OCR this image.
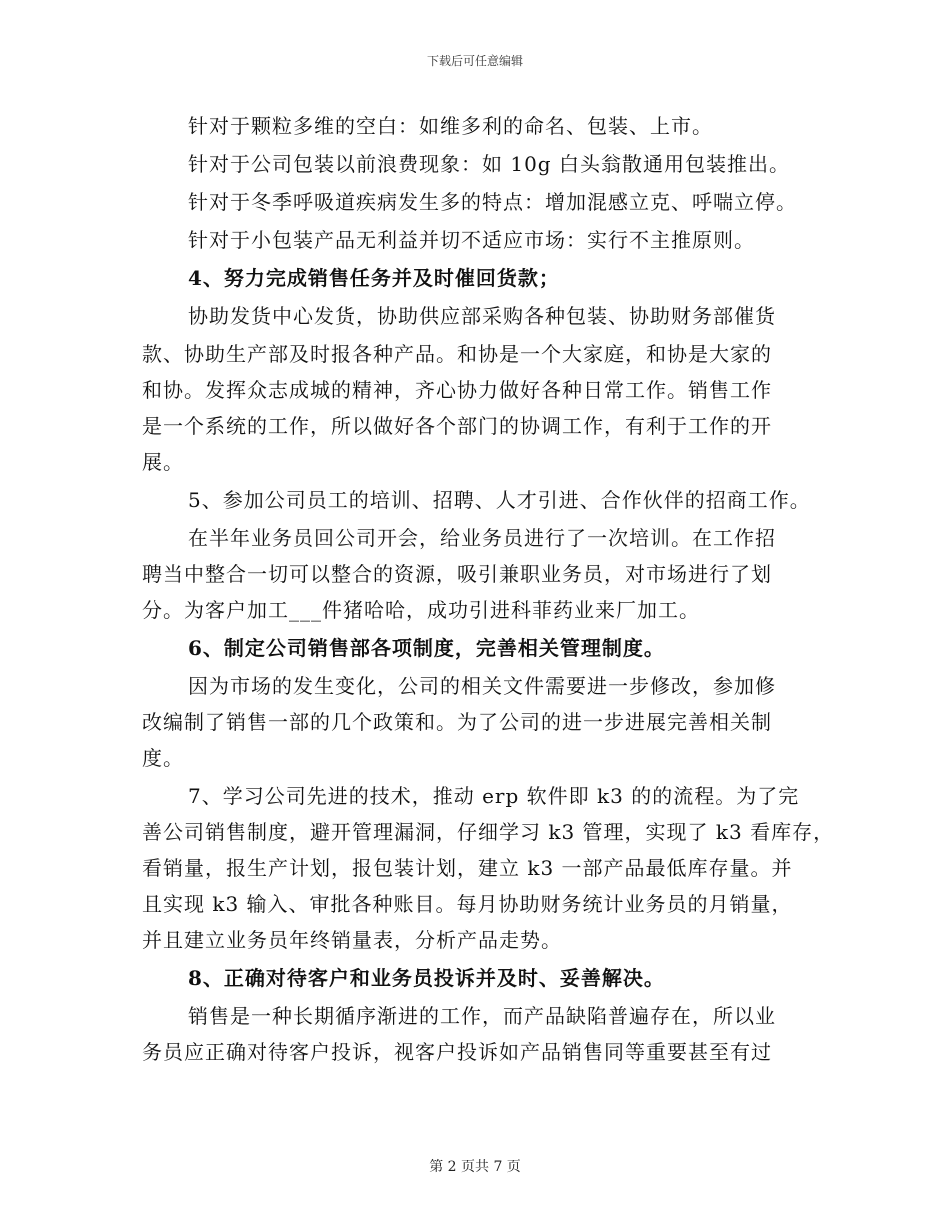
下载后可任意编辑
针对于颗粒多维的空白：如维多利的命名、包装、上市。
针对于公司包装以前浪费现象：如 10g 白头翁散通用包装推出。
针对于冬季呼吸道疾病发生多的特点：增加混感立克、呼喘立停。
针对于小包装产品无利益并切不适应市场：实行不主推原则。
4、努力完成销售任务并及时催回货款；
协助发货中心发货，协助供应部采购各种包装、协助财务部催货
款、协助生产部及时报各种产品。和协是一个大家庭，和协是大家的
和协。发挥众志成城的精神，齐心协力做好各种日常工作。销售工作
是一个系统的工作，所以做好各个部门的协调工作，有利于工作的开
展。
5、参加公司员工的培训、招聘、人才引进、合作伙伴的招商工作。
在半年业务员回公司开会，给业务员进行了一次培训。在工作招
聘当中整合一切可以整合的资源，吸引兼职业务员，对市场进行了划
分。为客户加工___件猪哈哈，成功引进科菲药业来厂加工。
6、制定公司销售部各项制度，完善相关管理制度。
因为市场的发生变化，公司的相关文件需要进一步修改，参加修
改编制了销售一部的几个政策和。为了公司的进一步进展完善相关制
度。
7、学习公司先进的技术，推动 erp 软件即 k3 的的流程。为了完
善公司销售制度，避开管理漏洞，仔细学习 k3 管理，实现了 k3 看库存，
看销量，报生产计划，报包装计划，建立 k3 一部产品最低库存量。并
且实现 k3 输入、审批各种账目。每月协助财务统计业务员的月销量，
并且建立业务员年终销量表，分析产品走势。
8、正确对待客户和业务员投诉并及时、妥善解决。
销售是一种长期循序渐进的工作，而产品缺陷普遍存在，所以业
务员应正确对待客户投诉，视客户投诉如产品销售同等重要甚至有过
第 2 页共 7 页
